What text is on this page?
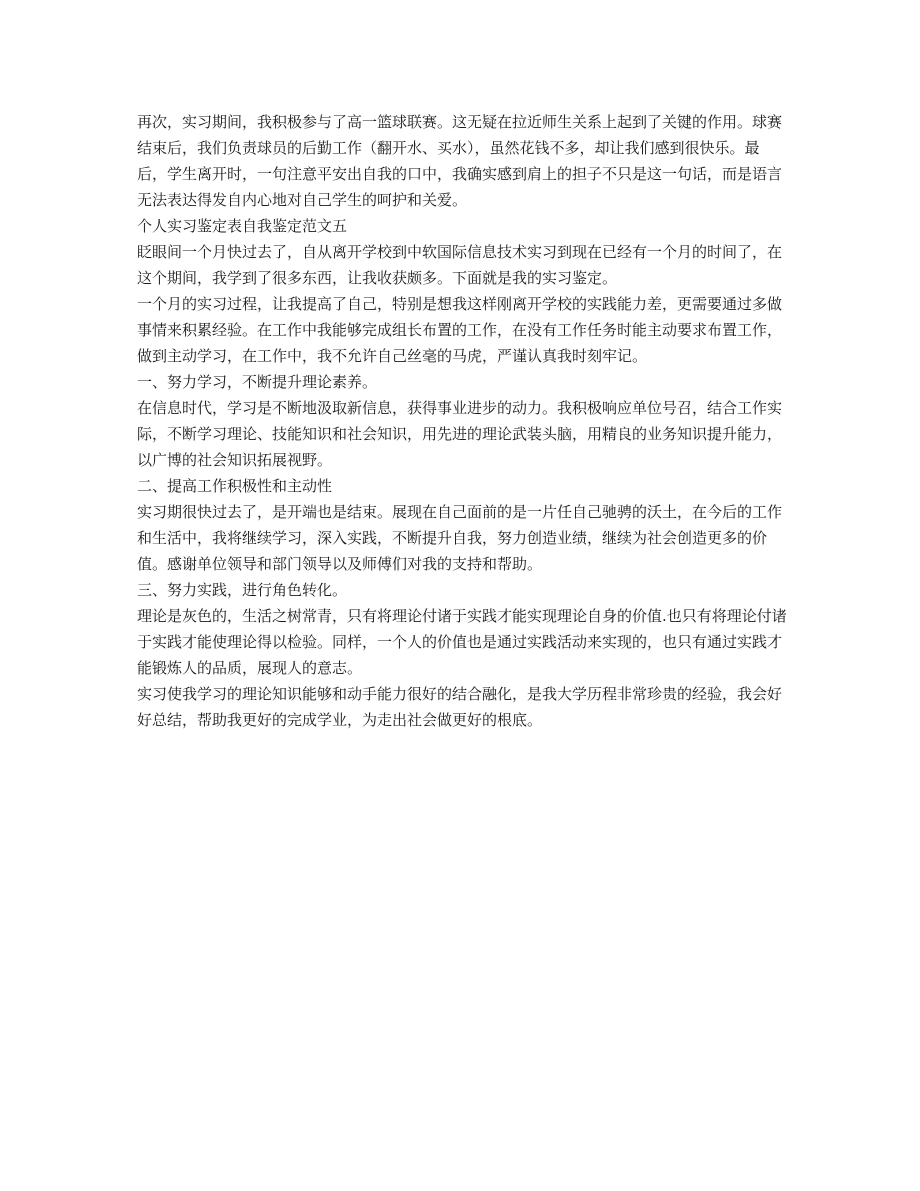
再次，实习期间，我积极参与了高一篮球联赛。这无疑在拉近师生关系上起到了关键的作用。球赛结束后，我们负责球员的后勤工作（翻开水、买水），虽然花钱不多，却让我们感到很快乐。最后，学生离开时，一句注意平安出自我的口中，我确实感到肩上的担子不只是这一句话，而是语言无法表达得发自内心地对自己学生的呵护和关爱。

个人实习鉴定表自我鉴定范文五

眨眼间一个月快过去了，自从离开学校到中软国际信息技术实习到现在已经有一个月的时间了，在这个期间，我学到了很多东西，让我收获颇多。下面就是我的实习鉴定。

一个月的实习过程，让我提高了自己，特别是想我这样刚离开学校的实践能力差，更需要通过多做事情来积累经验。在工作中我能够完成组长布置的工作，在没有工作任务时能主动要求布置工作，做到主动学习，在工作中，我不允许自己丝毫的马虎，严谨认真我时刻牢记。

一、努力学习，不断提升理论素养。

在信息时代，学习是不断地汲取新信息，获得事业进步的动力。我积极响应单位号召，结合工作实际，不断学习理论、技能知识和社会知识，用先进的理论武装头脑，用精良的业务知识提升能力，以广博的社会知识拓展视野。

二、提高工作积极性和主动性

实习期很快过去了，是开端也是结束。展现在自己面前的是一片任自己驰骋的沃土，在今后的工作和生活中，我将继续学习，深入实践，不断提升自我，努力创造业绩，继续为社会创造更多的价值。感谢单位领导和部门领导以及师傅们对我的支持和帮助。

三、努力实践，进行角色转化。

理论是灰色的，生活之树常青，只有将理论付诸于实践才能实现理论自身的价值.也只有将理论付诸于实践才能使理论得以检验。同样，一个人的价值也是通过实践活动来实现的，也只有通过实践才能锻炼人的品质，展现人的意志。

实习使我学习的理论知识能够和动手能力很好的结合融化，是我大学历程非常珍贵的经验，我会好好总结，帮助我更好的完成学业，为走出社会做更好的根底。
